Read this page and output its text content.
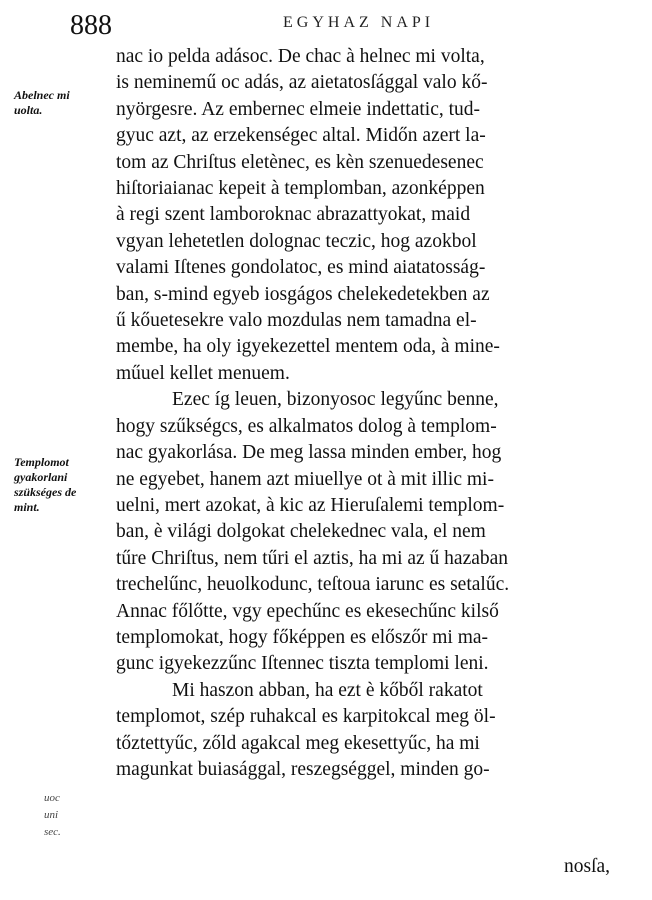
888	EGYHAZ NAPI
Abelnec mi
uolta.
Templomot
gyakorlani
szükséges de
mint.
uoc
uni
sec.
nac io pelda adásoc. De chac à helnec mi volta,
is neminemű oc adás, az aietatosſággal valo kő-
nyörgesre. Az embernec elmeie indettatic, tud-
gyuc azt, az erzekenségec altal. Midőn azert la-
tom az Chriſtus eletènec, es kèn szenuedeseneс
hiſtoriaianac kepeit à templomban, azonképpen
à regi szent lamboroknac abrazattyokat, maid
vgyan lehetetlen dolognac teczic, hog azokbol
valami Iſtenes gondolatoc, es mind aiatatosság-
ban, s-mind egyeb iosgágos chelekedetekben az
ű kőuetesekre valo mozdulas nem tamadna el-
membe, ha oly igyekezettel mentem oda, à mine-
műuel kellet menuem.
Ezec íg leuen, bizonyosoc legyűnc benne,
hogy szűkségcs, es alkalmatos dolog à templom-
nac gyakorlása. De meg lassa minden ember, hog
ne egyebet, hanem azt miuellye ot à mit illic mi-
uelni, mert azokat, à kic az Hieruſalemi templom-
ban, è világi dolgokat chelekednec vala, el nem
tűre Chriſtus, nem tűri el aztis, ha mi az ű hazaban
trechelűnc, heuolkodunc, teſtoua iarunc es setalűc.
Annac főlőtte, vgy epechűnc es ekesechűnc kilső
templomokat, hogy főképpen es előszőr mi ma-
gunc igyekezzűnc Iſtennec tiszta templomi leni.
Mi haszon abban, ha ezt è kőből rakatot
templomot, szép ruhakcal es karpitokcal meg öl-
tőztettyűc, zőld agakcal meg ekesettyűc, ha mi
magunkat buiasággal, reszegséggel, minden go-
nosſa,
